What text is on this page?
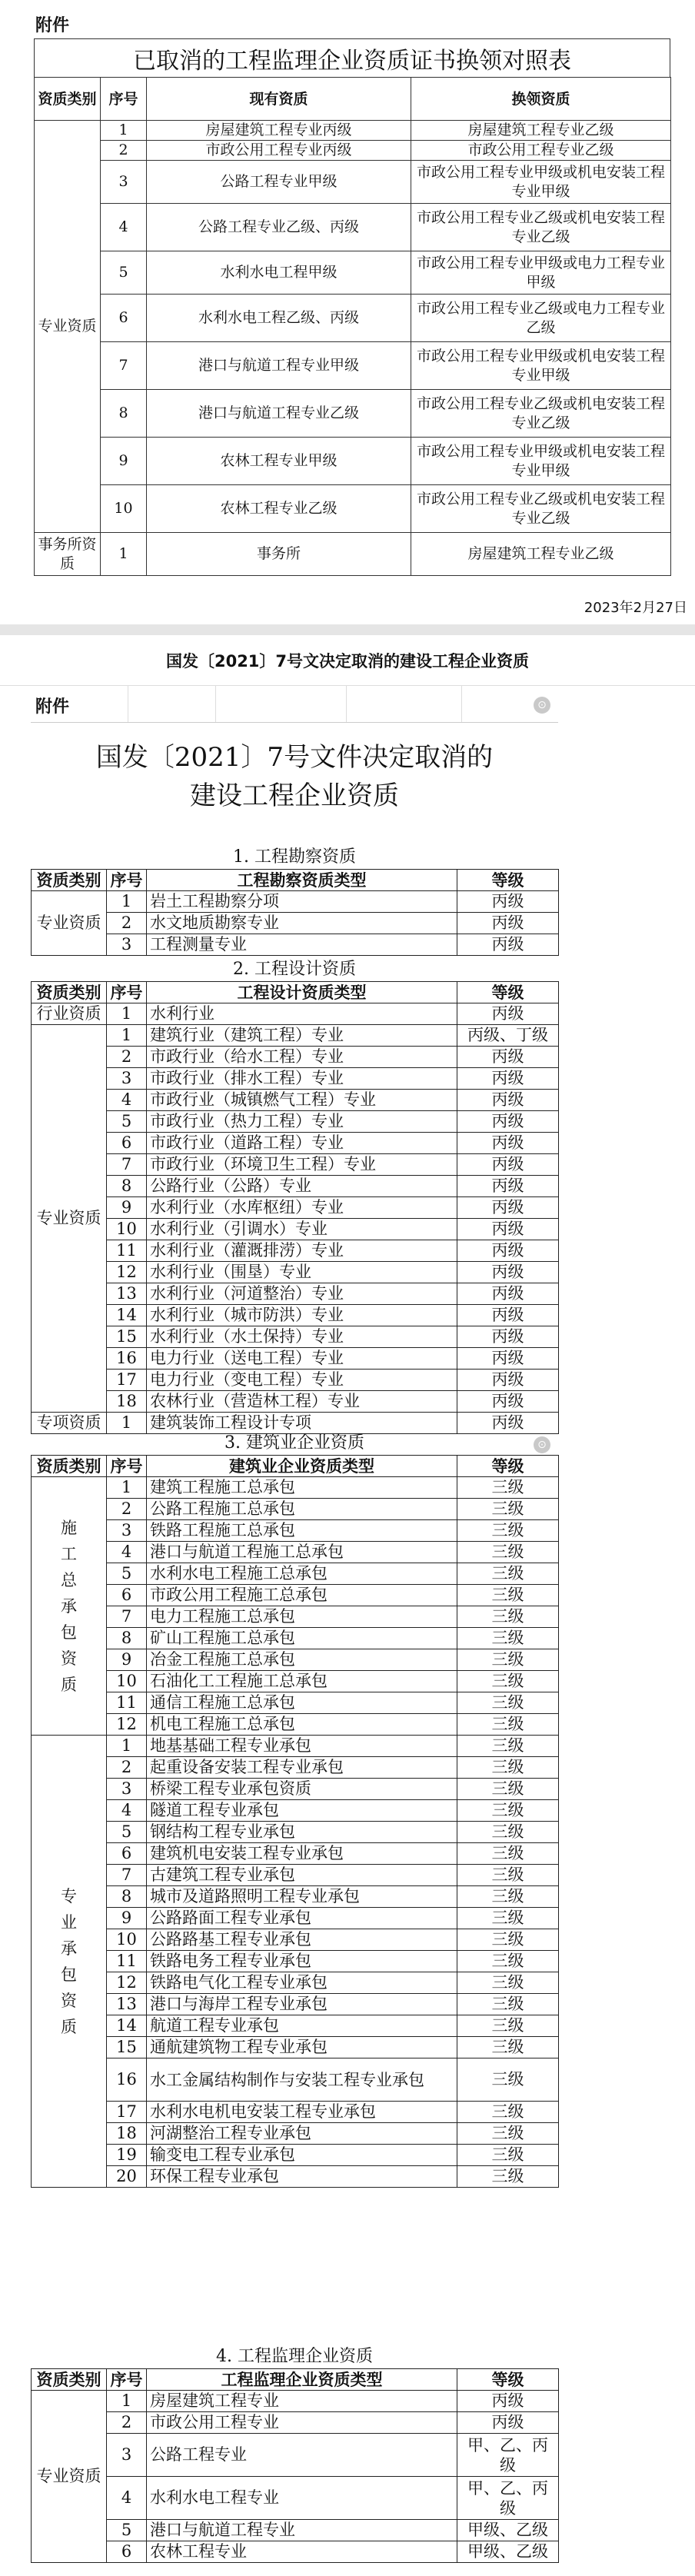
附件
已取消的工程监理企业资质证书换领对照表
资质类别	序号	现有资质	换领资质
专业资质	1	房屋建筑工程专业丙级	房屋建筑工程专业乙级
	2	市政公用工程专业丙级	市政公用工程专业乙级
	3	公路工程专业甲级	市政公用工程专业甲级或机电安装工程专业甲级
	4	公路工程专业乙级、丙级	市政公用工程专业乙级或机电安装工程专业乙级
	5	水利水电工程甲级	市政公用工程专业甲级或电力工程专业甲级
	6	水利水电工程乙级、丙级	市政公用工程专业乙级或电力工程专业乙级
	7	港口与航道工程专业甲级	市政公用工程专业甲级或机电安装工程专业甲级
	8	港口与航道工程专业乙级	市政公用工程专业乙级或机电安装工程专业乙级
	9	农林工程专业甲级	市政公用工程专业甲级或机电安装工程专业甲级
	10	农林工程专业乙级	市政公用工程专业乙级或机电安装工程专业乙级
事务所资质	1	事务所	房屋建筑工程专业乙级
2023年2月27日
国发〔2021〕7号文决定取消的建设工程企业资质
附件	⊙
国发〔2021〕7号文件决定取消的
建设工程企业资质
1. 工程勘察资质
资质类别	序号	工程勘察资质类型	等级
专业资质	1	岩土工程勘察分项	丙级
	2	水文地质勘察专业	丙级
	3	工程测量专业	丙级
2. 工程设计资质
资质类别	序号	工程设计资质类型	等级
行业资质	1	水利行业	丙级
专业资质	1	建筑行业（建筑工程）专业	丙级、丁级
	2	市政行业（给水工程）专业	丙级
	3	市政行业（排水工程）专业	丙级
	4	市政行业（城镇燃气工程）专业	丙级
	5	市政行业（热力工程）专业	丙级
	6	市政行业（道路工程）专业	丙级
	7	市政行业（环境卫生工程）专业	丙级
	8	公路行业（公路）专业	丙级
	9	水利行业（水库枢纽）专业	丙级
	10	水利行业（引调水）专业	丙级
	11	水利行业（灌溉排涝）专业	丙级
	12	水利行业（围垦）专业	丙级
	13	水利行业（河道整治）专业	丙级
	14	水利行业（城市防洪）专业	丙级
	15	水利行业（水土保持）专业	丙级
	16	电力行业（送电工程）专业	丙级
	17	电力行业（变电工程）专业	丙级
	18	农林行业（营造林工程）专业	丙级
专项资质	1	建筑装饰工程设计专项	丙级
3. 建筑业企业资质	⊙
资质类别	序号	建筑业企业资质类型	等级

施工总承包资质	1	建筑工程施工总承包	三级
	2	公路工程施工总承包	三级
	3	铁路工程施工总承包	三级
	4	港口与航道工程施工总承包	三级
	5	水利水电工程施工总承包	三级
	6	市政公用工程施工总承包	三级
	7	电力工程施工总承包	三级
	8	矿山工程施工总承包	三级
	9	冶金工程施工总承包	三级
	10	石油化工工程施工总承包	三级
	11	通信工程施工总承包	三级
	12	机电工程施工总承包	三级

专业承包资质	1	地基基础工程专业承包	三级
	2	起重设备安装工程专业承包	三级
	3	桥梁工程专业承包资质	三级
	4	隧道工程专业承包	三级
	5	钢结构工程专业承包	三级
	6	建筑机电安装工程专业承包	三级
	7	古建筑工程专业承包	三级
	8	城市及道路照明工程专业承包	三级
	9	公路路面工程专业承包	三级
	10	公路路基工程专业承包	三级
	11	铁路电务工程专业承包	三级
	12	铁路电气化工程专业承包	三级
	13	港口与海岸工程专业承包	三级
	14	航道工程专业承包	三级
	15	通航建筑物工程专业承包	三级
	16	水工金属结构制作与安装工程专业承包	三级
	17	水利水电机电安装工程专业承包	三级
	18	河湖整治工程专业承包	三级
	19	输变电工程专业承包	三级
	20	环保工程专业承包	三级
4. 工程监理企业资质
资质类别	序号	工程监理企业资质类型	等级
专业资质	1	房屋建筑工程专业	丙级
	2	市政公用工程专业	丙级
	3	公路工程专业	甲、乙、丙级
	4	水利水电工程专业	甲、乙、丙级
	5	港口与航道工程专业	甲级、乙级
	6	农林工程专业	甲级、乙级
